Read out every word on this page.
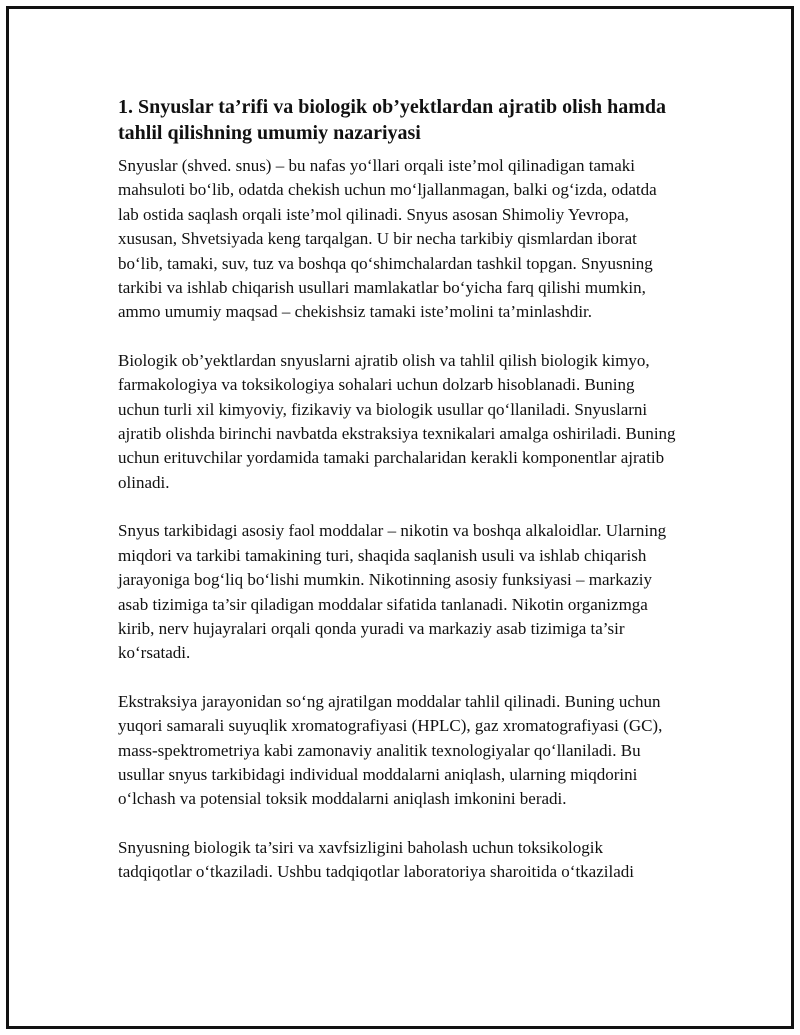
1. Snyuslar ta’rifi va biologik ob’yektlardan ajratib olish hamda tahlil qilishning umumiy nazariyasi

Snyuslar (shved. snus) – bu nafas yo‘llari orqali iste’mol qilinadigan tamaki mahsuloti bo‘lib, odatda chekish uchun mo‘ljallanmagan, balki og‘izda, odatda lab ostida saqlash orqali iste’mol qilinadi. Snyus asosan Shimoliy Yevropa, xususan, Shvetsiyada keng tarqalgan. U bir necha tarkibiy qismlardan iborat bo‘lib, tamaki, suv, tuz va boshqa qo‘shimchalardan tashkil topgan. Snyusning tarkibi va ishlab chiqarish usullari mamlakatlar bo‘yicha farq qilishi mumkin, ammo umumiy maqsad – chekishsiz tamaki iste’molini ta’minlashdir.

Biologik ob’yektlardan snyuslarni ajratib olish va tahlil qilish biologik kimyo, farmakologiya va toksikologiya sohalari uchun dolzarb hisoblanadi. Buning uchun turli xil kimyoviy, fizikaviy va biologik usullar qo‘llaniladi. Snyuslarni ajratib olishda birinchi navbatda ekstraksiya texnikalari amalga oshiriladi. Buning uchun erituvchilar yordamida tamaki parchalaridan kerakli komponentlar ajratib olinadi.

Snyus tarkibidagi asosiy faol moddalar – nikotin va boshqa alkaloidlar. Ularning miqdori va tarkibi tamakining turi, shaqida saqlanish usuli va ishlab chiqarish jarayoniga bog‘liq bo‘lishi mumkin. Nikotinning asosiy funksiyasi – markaziy asab tizimiga ta’sir qiladigan moddalar sifatida tanlanadi. Nikotin organizmga kirib, nerv hujayralari orqali qonda yuradi va markaziy asab tizimiga ta’sir ko‘rsatadi.

Ekstraksiya jarayonidan so‘ng ajratilgan moddalar tahlil qilinadi. Buning uchun yuqori samarali suyuqlik xromatografiyasi (HPLC), gaz xromatografiyasi (GC), mass-spektrometriya kabi zamonaviy analitik texnologiyalar qo‘llaniladi. Bu usullar snyus tarkibidagi individual moddalarni aniqlash, ularning miqdorini o‘lchash va potensial toksik moddalarni aniqlash imkonini beradi.

Snyusning biologik ta’siri va xavfsizligini baholash uchun toksikologik tadqiqotlar o‘tkaziladi. Ushbu tadqiqotlar laboratoriya sharoitida o‘tkaziladi
